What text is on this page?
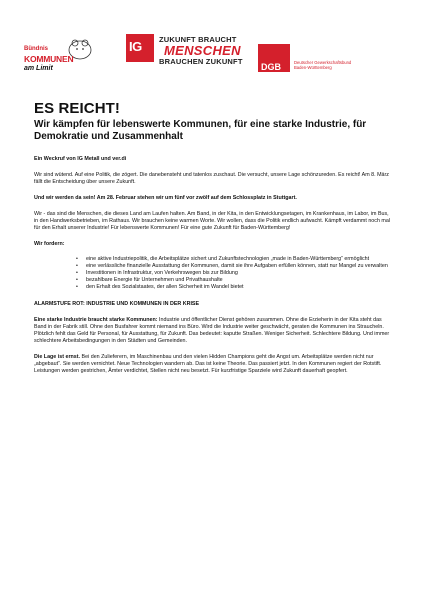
Bündnis
KOMMUNEN
am Limit
IG ZUKUNFT BRAUCHT
MENSCHEN
BRAUCHEN ZUKUNFT
DGB	Deutscher Gewerkschaftsbund Baden-Württemberg
ES REICHT!
Wir kämpfen für lebenswerte Kommunen, für eine starke Industrie, für Demokratie und Zusammenhalt
Ein Weckruf von IG Metall und ver.di

Wir sind wütend. Auf eine Politik, die zögert. Die danebensteht und tatenlos zuschaut. Die versucht, unsere Lage schönzureden. Es reicht! Am 8. März fällt die Entscheidung über unsere Zukunft.

Und wir werden da sein! Am 28. Februar stehen wir um fünf vor zwölf auf dem Schlossplatz in Stuttgart.

Wir - das sind die Menschen, die dieses Land am Laufen halten. Am Band, in der Kita, in den Entwicklungsetagen, im Krankenhaus, im Labor, im Bus, in den Handwerksbetrieben, im Rathaus. Wir brauchen keine warmen Worte. Wir wollen, dass die Politik endlich aufwacht. Kämpft verdammt noch mal für den Erhalt unserer Industrie! Für lebenswerte Kommunen! Für eine gute Zukunft für Baden-Württemberg!

Wir fordern:

• eine aktive Industriepolitik, die Arbeitsplätze sichert und Zukunftstechnologien „made in Baden-Württemberg“ ermöglicht
• eine verlässliche finanzielle Ausstattung der Kommunen, damit sie ihre Aufgaben erfüllen können, statt nur Mangel zu verwalten
• Investitionen in Infrastruktur, von Verkehrswegen bis zur Bildung
• bezahlbare Energie für Unternehmen und Privathaushalte
• den Erhalt des Sozialstaates, der allen Sicherheit im Wandel bietet
ALARMSTUFE ROT: INDUSTRIE UND KOMMUNEN IN DER KRISE

Eine starke Industrie braucht starke Kommunen: Industrie und öffentlicher Dienst gehören zusammen. Ohne die Erzieherin in der Kita steht das Band in der Fabrik still. Ohne den Busfahrer kommt niemand ins Büro. Wird die Industrie weiter geschwächt, geraten die Kommunen ins Straucheln. Plötzlich fehlt das Geld für Personal, für Ausstattung, für Zukunft. Das bedeutet: kaputte Straßen. Weniger Sicherheit. Schlechtere Bildung. Und immer schlechtere Arbeitsbedingungen in den Städten und Gemeinden.

Die Lage ist ernst. Bei den Zulieferern, im Maschinenbau und den vielen Hidden Champions geht die Angst um. Arbeitsplätze werden nicht nur „abgebaut“. Sie werden vernichtet. Neue Technologien wandern ab. Das ist keine Theorie. Das passiert jetzt. In den Kommunen regiert der Rotstift. Leistungen werden gestrichen, Ämter verdichtet, Stellen nicht neu besetzt. Für kurzfristige Sparziele wird Zukunft dauerhaft geopfert.
